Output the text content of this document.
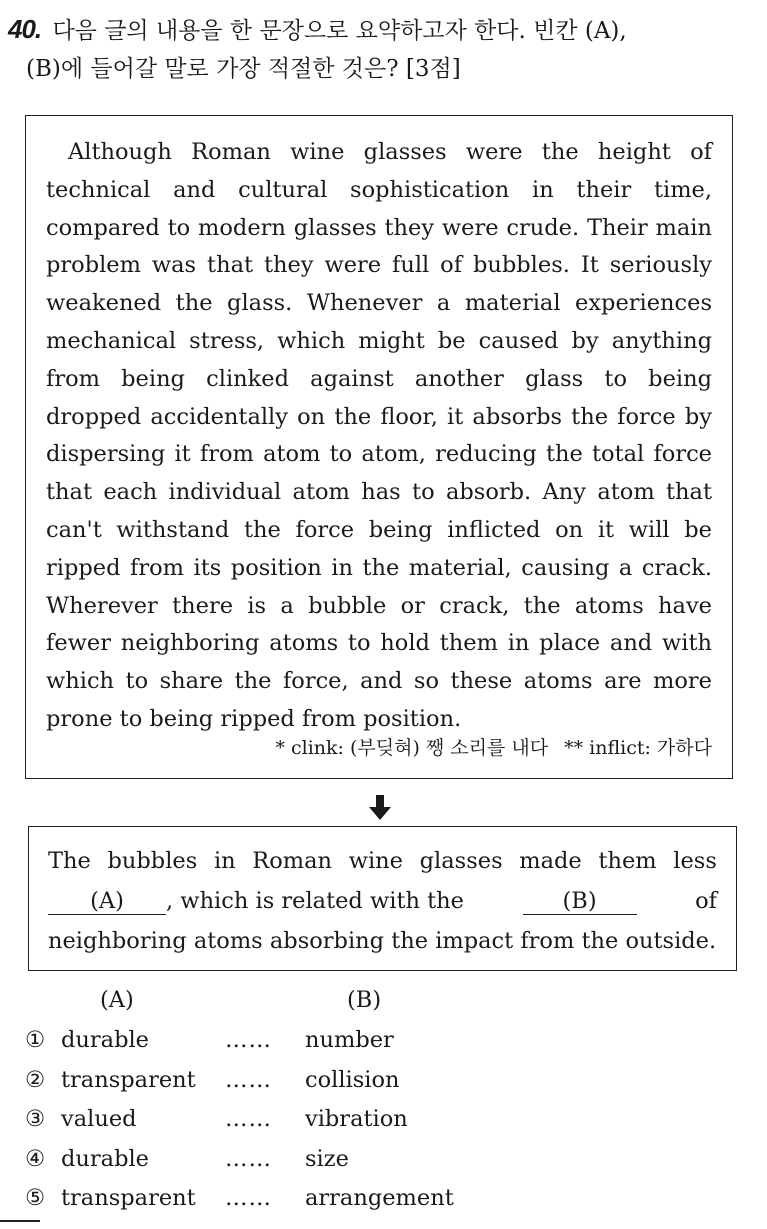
40. 다음 글의 내용을 한 문장으로 요약하고자 한다. 빈칸 (A),
(B)에 들어갈 말로 가장 적절한 것은? [3점]
Although Roman wine glasses were the height of technical and cultural sophistication in their time, compared to modern glasses they were crude. Their main problem was that they were full of bubbles. It seriously weakened the glass. Whenever a material experiences mechanical stress, which might be caused by anything from being clinked against another glass to being dropped accidentally on the floor, it absorbs the force by dispersing it from atom to atom, reducing the total force that each individual atom has to absorb. Any atom that can't withstand the force being inflicted on it will be ripped from its position in the material, causing a crack. Wherever there is a bubble or crack, the atoms have fewer neighboring atoms to hold them in place and with which to share the force, and so these atoms are more prone to being ripped from position.
* clink: (부딪혀) 쨍 소리를 내다 ** inflict: 가하다
The bubbles in Roman wine glasses made them less
(A) , which is related with the	(B)	of
neighboring atoms absorbing the impact from the outside.
(A)	(B)
① durable	…… number
② transparent …… collision
③ valued	…… vibration
④ durable	…… size
⑤ transparent …… arrangement
